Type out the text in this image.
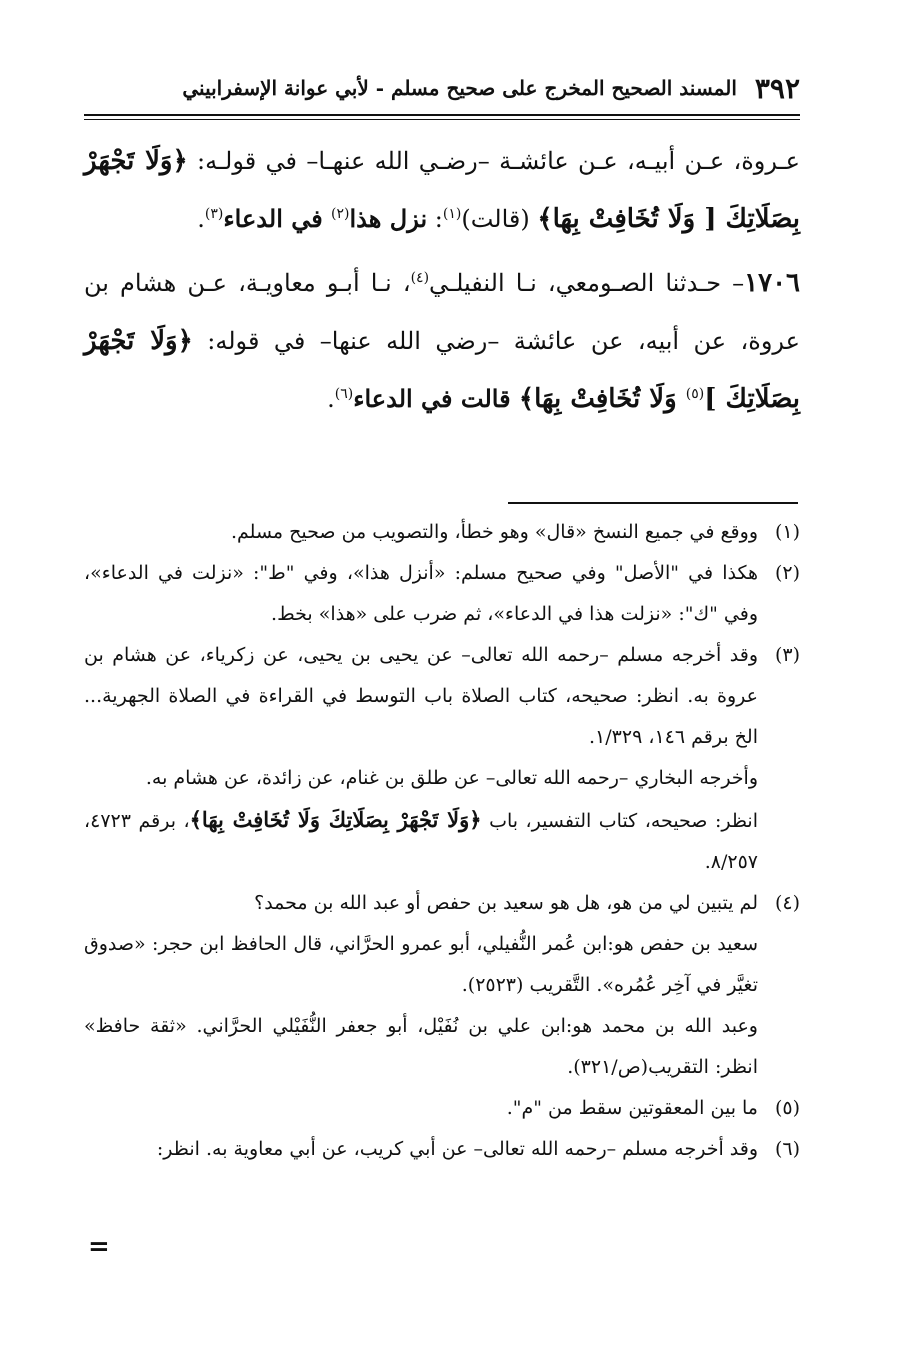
٣٩٢
المسند الصحيح المخرج على صحيح مسلم - لأبي عوانة الإسفرابيني

عـروة، عـن أبيـه، عـن عائشـة –رضـي الله عنهـا– في قولـه: ﴿وَلَا تَجْهَرْ بِصَلَاتِكَ [ وَلَا تُخَافِتْ بِهَا﴾ (قالت)$^{(١)}$: نزل هذا$^{(٢)}$ في الدعاء$^{(٣)}$.

١٧٠٦– حـدثنا الصـومعي، نـا النفيلـي$^{(٤)}$، نـا أبـو معاويـة، عـن هشام بن عروة، عن أبيه، عن عائشة –رضي الله عنها– في قوله: ﴿وَلَا تَجْهَرْ بِصَلَاتِكَ ]$^{(٥)}$ وَلَا تُخَافِتْ بِهَا﴾ قالت في الدعاء$^{(٦)}$.

(١)

ووقع في جميع النسخ «قال» وهو خطأ، والتصويب من صحيح مسلم.

(٢)

هكذا في "الأصل" وفي صحيح مسلم: «أنزل هذا»، وفي "ط": «نزلت في الدعاء»، وفي "ك": «نزلت هذا في الدعاء»، ثم ضرب على «هذا» بخط.

(٣)

وقد أخرجه مسلم –رحمه الله تعالى– عن يحيى بن يحيى، عن زكرياء، عن هشام بن عروة به. انظر: صحيحه، كتاب الصلاة باب التوسط في القراءة في الصلاة الجهرية... الخ برقم ١٤٦، ١/٣٢٩.

وأخرجه البخاري –رحمه الله تعالى– عن طلق بن غنام، عن زائدة، عن هشام به.

انظر: صحيحه، كتاب التفسير، باب ﴿وَلَا تَجْهَرْ بِصَلَاتِكَ وَلَا تُخَافِتْ بِهَا﴾، برقم ٤٧٢٣، ٨/٢٥٧.

(٤)

لم يتبين لي من هو، هل هو سعيد بن حفص أو عبد الله بن محمد؟

سعيد بن حفص هو:ابن عُمر النُّفيلي، أبو عمرو الحرَّاني، قال الحافظ ابن حجر: «صدوق تغيَّر في آخِر عُمُره». التَّقريب (٢٥٢٣).

وعبد الله بن محمد هو:ابن علي بن نُفَيْل، أبو جعفر النُّفَيْلي الحرَّاني. «ثقة حافظ» انظر: التقريب(ص/٣٢١).

(٥)

ما بين المعقوتين سقط من "م".

(٦)

وقد أخرجه مسلم –رحمه الله تعالى– عن أبي كريب، عن أبي معاوية به. انظر:

=
